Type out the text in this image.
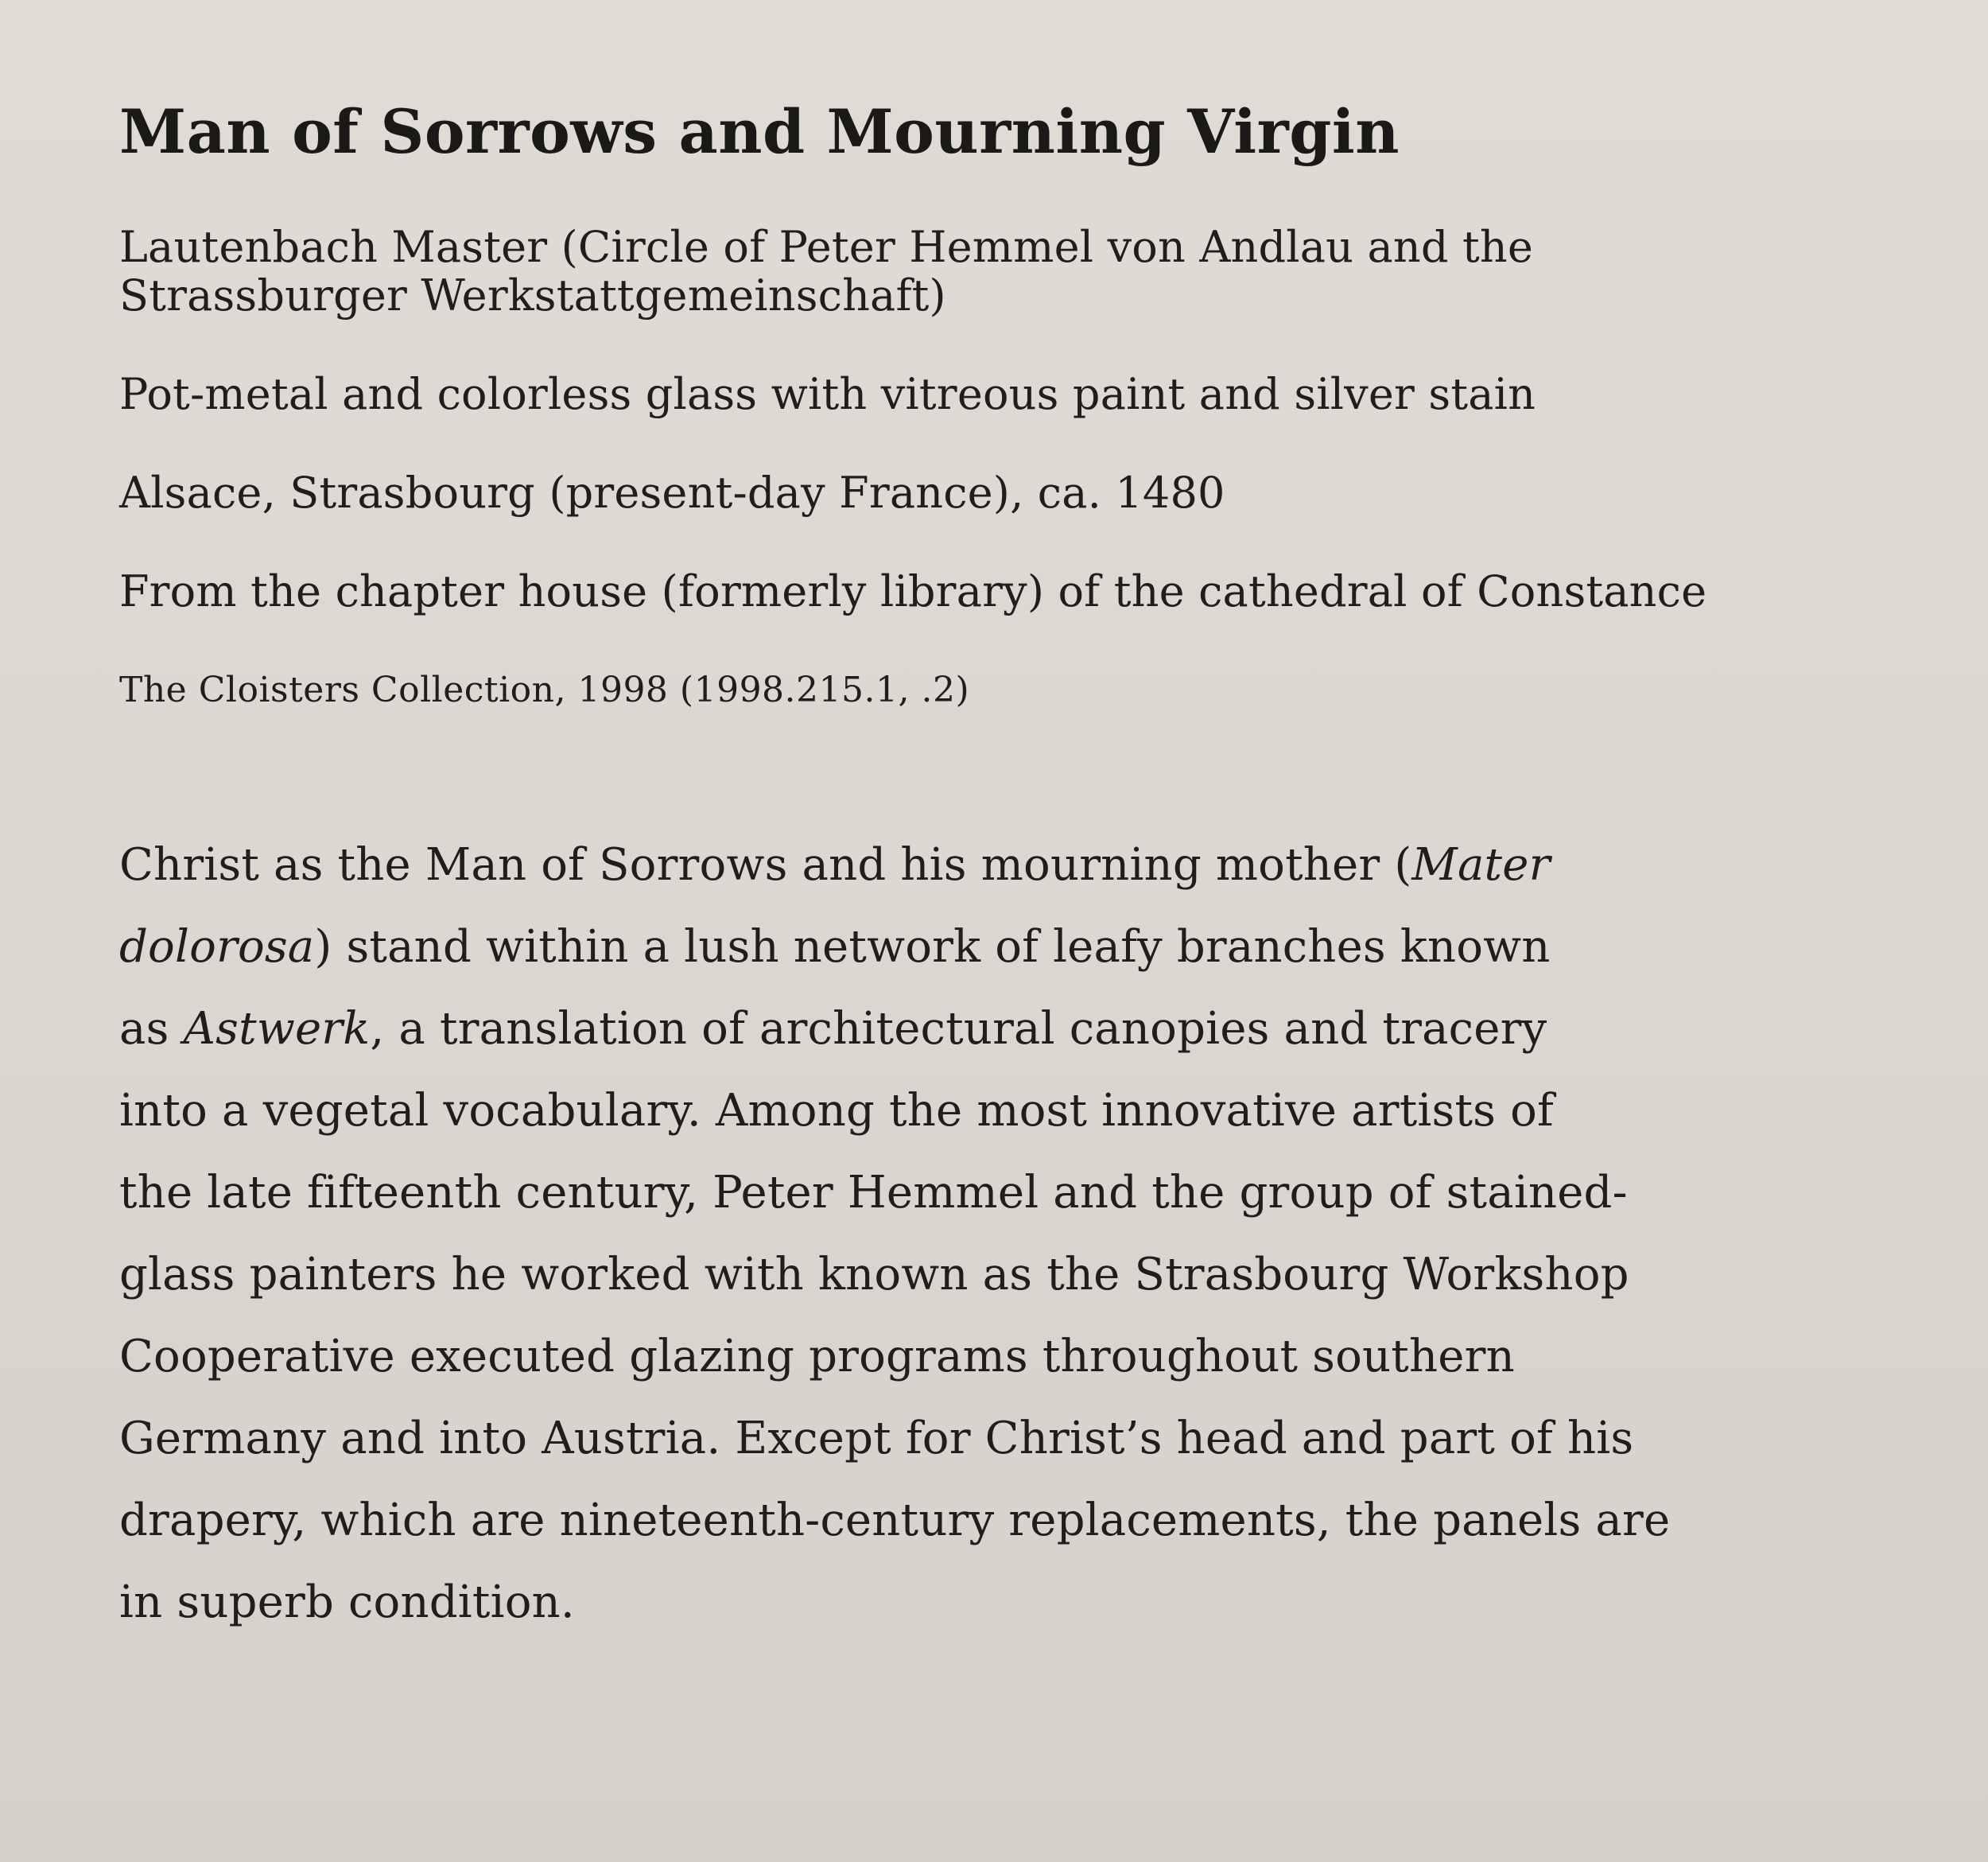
Man of Sorrows and Mourning Virgin
Lautenbach Master (Circle of Peter Hemmel von Andlau and the
Strassburger Werkstattgemeinschaft)
Pot-metal and colorless glass with vitreous paint and silver stain
Alsace, Strasbourg (present-day France), ca. 1480
From the chapter house (formerly library) of the cathedral of Constance
The Cloisters Collection, 1998 (1998.215.1, .2)
Christ as the Man of Sorrows and his mourning mother (Mater
dolorosa) stand within a lush network of leafy branches known
as Astwerk, a translation of architectural canopies and tracery
into a vegetal vocabulary. Among the most innovative artists of
the late fifteenth century, Peter Hemmel and the group of stained-
glass painters he worked with known as the Strasbourg Workshop
Cooperative executed glazing programs throughout southern
Germany and into Austria. Except for Christ’s head and part of his
drapery, which are nineteenth-century replacements, the panels are
in superb condition.
